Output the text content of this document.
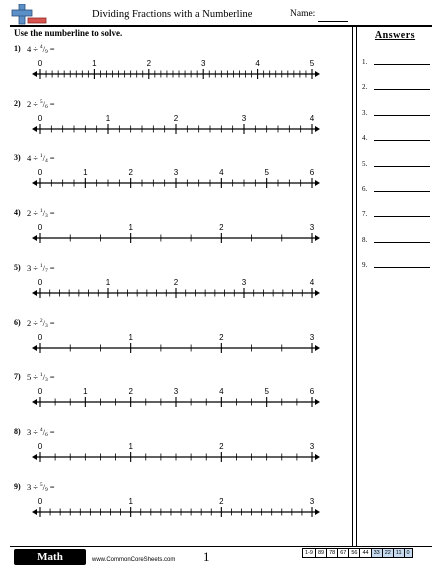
Dividing Fractions with a Numberline	Name:
Use the numberline to solve.	Answers
1.
2.
3.
4.
5.
6.
7.
8.
9.
1) $4 \div ^4/_9$ =
0	1	2	3	4	5
2) $2 \div ^5/_6$ =
0	1	2	3	4
3) $4 \div ^1/_4$ =
0	1	2	3	4	5	6
4) $2 \div ^1/_3$ =
0	1	2	3
5) $3 \div ^1/_7$ =
0	1	2	3	4
6) $2 \div ^2/_3$ =
0	1	2	3
7) $5 \div ^1/_3$ =
0	1	2	3	4	5	6
8) $3 \div ^4/_6$ =
0	1	2	3
9) $3 \div ^5/_9$ =
0	1	2	3
Math	www.CommonCoreSheets.com 1	1-9	89	78	67	56	44	33	22	11	0
